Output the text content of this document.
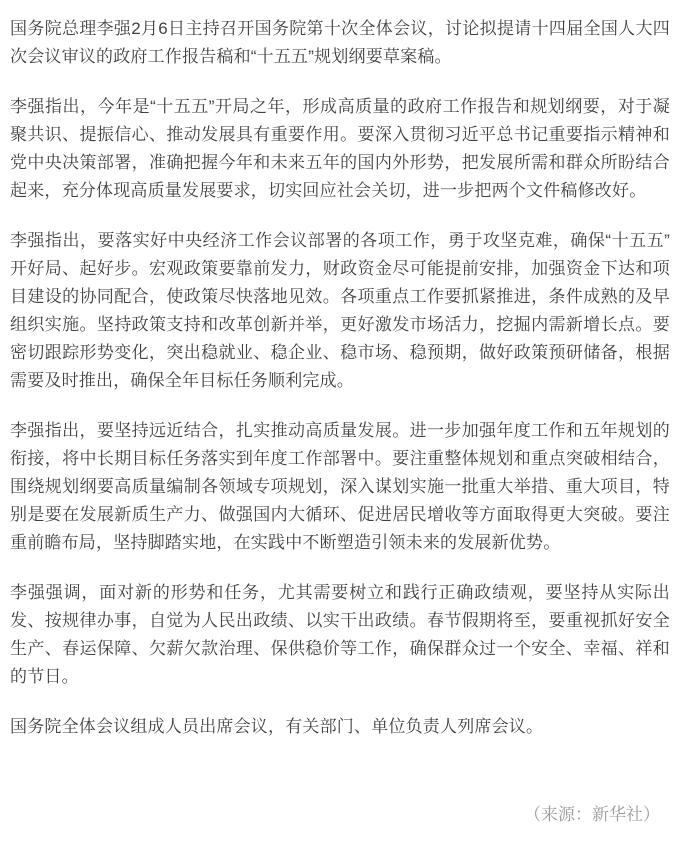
国务院总理李强2月6日主持召开国务院第十次全体会议，讨论拟提请十四届全国人大四次会议审议的政府工作报告稿和“十五五”规划纲要草案稿。

李强指出，今年是“十五五”开局之年，形成高质量的政府工作报告和规划纲要，对于凝聚共识、提振信心、推动发展具有重要作用。要深入贯彻习近平总书记重要指示精神和党中央决策部署，准确把握今年和未来五年的国内外形势，把发展所需和群众所盼结合起来，充分体现高质量发展要求，切实回应社会关切，进一步把两个文件稿修改好。

李强指出，要落实好中央经济工作会议部署的各项工作，勇于攻坚克难，确保“十五五”开好局、起好步。宏观政策要靠前发力，财政资金尽可能提前安排，加强资金下达和项目建设的协同配合，使政策尽快落地见效。各项重点工作要抓紧推进，条件成熟的及早组织实施。坚持政策支持和改革创新并举，更好激发市场活力，挖掘内需新增长点。要密切跟踪形势变化，突出稳就业、稳企业、稳市场、稳预期，做好政策预研储备，根据需要及时推出，确保全年目标任务顺利完成。

李强指出，要坚持远近结合，扎实推动高质量发展。进一步加强年度工作和五年规划的衔接，将中长期目标任务落实到年度工作部署中。要注重整体规划和重点突破相结合，围绕规划纲要高质量编制各领域专项规划，深入谋划实施一批重大举措、重大项目，特别是要在发展新质生产力、做强国内大循环、促进居民增收等方面取得更大突破。要注重前瞻布局，坚持脚踏实地，在实践中不断塑造引领未来的发展新优势。

李强强调，面对新的形势和任务，尤其需要树立和践行正确政绩观，要坚持从实际出发、按规律办事，自觉为人民出政绩、以实干出政绩。春节假期将至，要重视抓好安全生产、春运保障、欠薪欠款治理、保供稳价等工作，确保群众过一个安全、幸福、祥和的节日。

国务院全体会议组成人员出席会议，有关部门、单位负责人列席会议。

（来源：新华社）
